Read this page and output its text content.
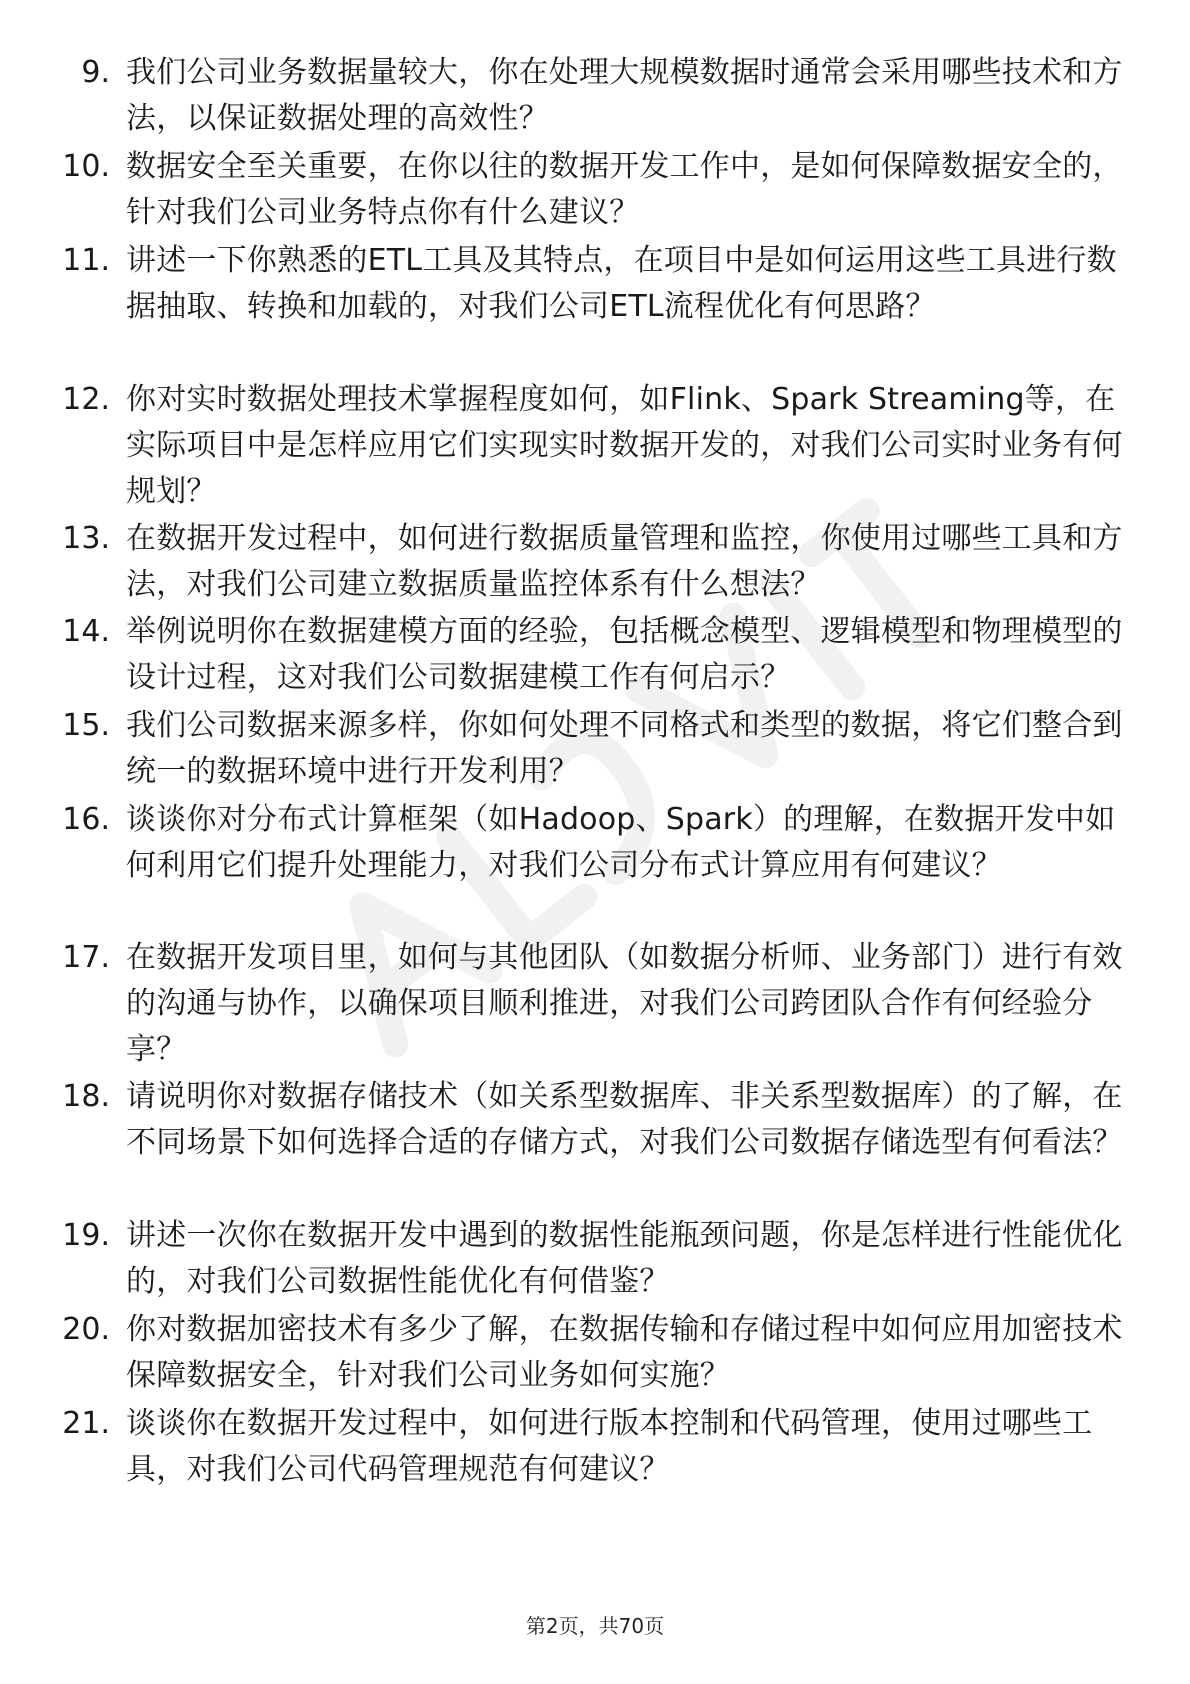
9. 我们公司业务数据量较大，你在处理大规模数据时通常会采用哪些技术和方法，以保证数据处理的高效性？
10. 数据安全至关重要，在你以往的数据开发工作中，是如何保障数据安全的，针对我们公司业务特点你有什么建议？
11. 讲述一下你熟悉的ETL工具及其特点，在项目中是如何运用这些工具进行数据抽取、转换和加载的，对我们公司ETL流程优化有何思路？
12. 你对实时数据处理技术掌握程度如何，如Flink、Spark Streaming等，在实际项目中是怎样应用它们实现实时数据开发的，对我们公司实时业务有何规划？
13. 在数据开发过程中，如何进行数据质量管理和监控，你使用过哪些工具和方法，对我们公司建立数据质量监控体系有什么想法？
14. 举例说明你在数据建模方面的经验，包括概念模型、逻辑模型和物理模型的设计过程，这对我们公司数据建模工作有何启示？
15. 我们公司数据来源多样，你如何处理不同格式和类型的数据，将它们整合到统一的数据环境中进行开发利用？
16. 谈谈你对分布式计算框架（如Hadoop、Spark）的理解，在数据开发中如何利用它们提升处理能力，对我们公司分布式计算应用有何建议？
17. 在数据开发项目里，如何与其他团队（如数据分析师、业务部门）进行有效的沟通与协作，以确保项目顺利推进，对我们公司跨团队合作有何经验分享？
18. 请说明你对数据存储技术（如关系型数据库、非关系型数据库）的了解，在不同场景下如何选择合适的存储方式，对我们公司数据存储选型有何看法？
19. 讲述一次你在数据开发中遇到的数据性能瓶颈问题，你是怎样进行性能优化的，对我们公司数据性能优化有何借鉴？
20. 你对数据加密技术有多少了解，在数据传输和存储过程中如何应用加密技术保障数据安全，针对我们公司业务如何实施？
21. 谈谈你在数据开发过程中，如何进行版本控制和代码管理，使用过哪些工具，对我们公司代码管理规范有何建议？
第2页，共70页
